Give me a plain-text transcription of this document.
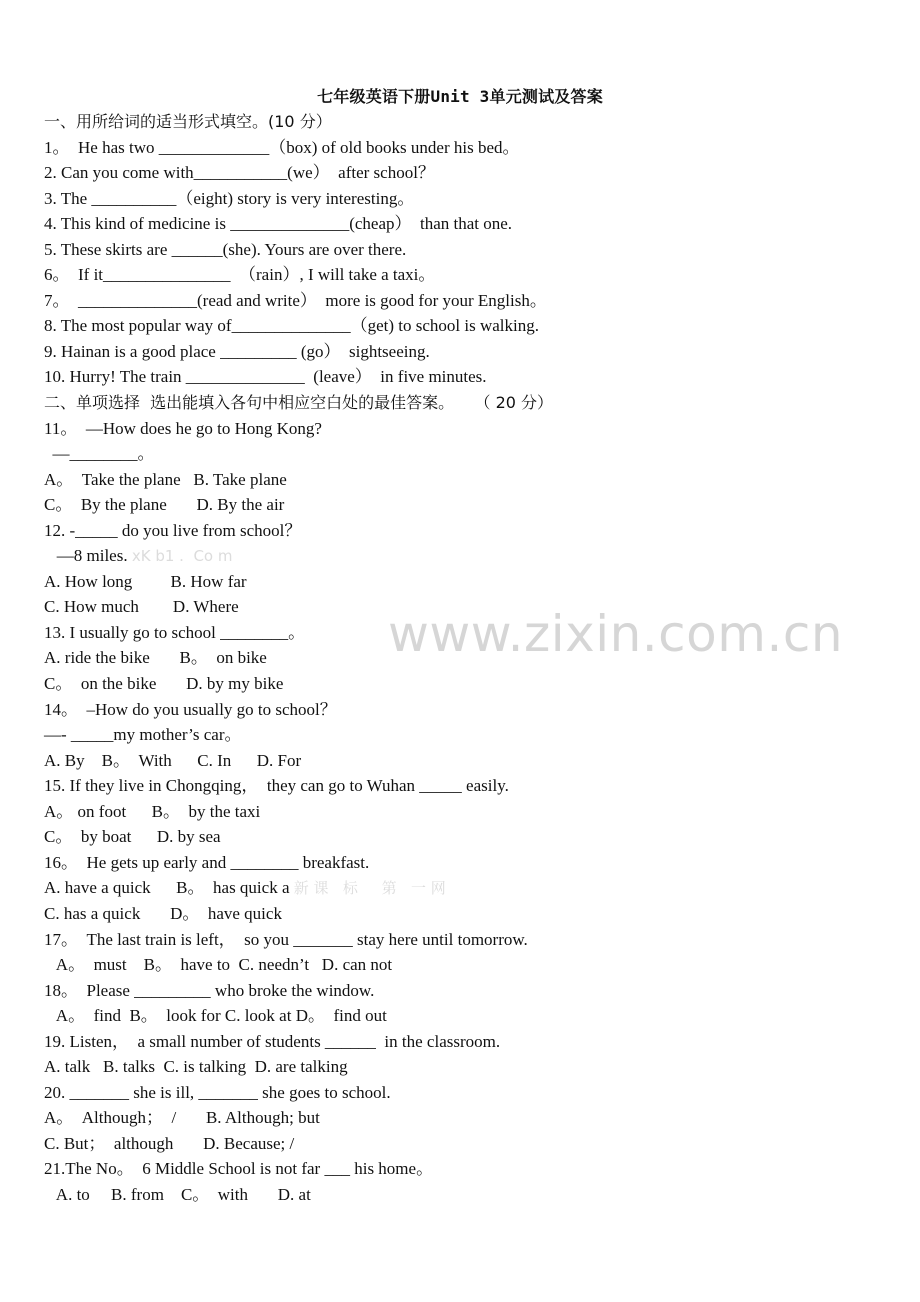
七年级英语下册Unit 3单元测试及答案
一、用所给词的适当形式填空。(10 分）
1。  He has two _____________（box) of old books under his bed。
2. Can you come with___________(we）  after school？
3. The __________（eight) story is very interesting。
4. This kind of medicine is ______________(cheap）  than that one.
5. These skirts are ______(she). Yours are over there.
6。  If it_______________  （rain）, I will take a taxi。
7。  ______________(read and write）  more is good for your English。
8. The most popular way of______________（get) to school is walking.
9. Hainan is a good place _________ (go）  sightseeing.
10. Hurry! The train ______________  (leave）  in five minutes.
二、单项选择  选出能填入各句中相应空白处的最佳答案。    （ 20 分）
11。  —How does he go to Hong Kong?
—________。
A。  Take the plane   B. Take plane
C。  By the plane       D. By the air
12. -_____ do you live from school？
—8 miles. xK b1 .  Co m
A. How long         B. How far
C. How much        D. Where
13. I usually go to school ________。
A. ride the bike       B。  on bike
C。  on the bike       D. by my bike
14。  –How do you usually go to school？
—- _____my mother’s car。
A. By    B。  With      C. In      D. For
15. If they live in Chongqing，  they can go to Wuhan _____ easily.
A。 on foot      B。  by the taxi
C。  by boat      D. by sea
16。  He gets up early and ________ breakfast.
A. have a quick      B。  has quick a 新 课   标     第   一 网
C. has a quick       D。  have quick
17。  The last train is left，  so you _______ stay here until tomorrow.
A。  must    B。  have to  C. needn’t   D. can not
18。  Please _________ who broke the window.
A。  find  B。  look for C. look at D。  find out
19. Listen，  a small number of students ______  in the classroom.
A. talk   B. talks  C. is talking  D. are talking
20. _______ she is ill, _______ she goes to school.
A。  Although；  /       B. Although; but
C. But；  although       D. Because; /
21.The No。  6 Middle School is not far ___ his home。
A. to     B. from    C。  with       D. at
www.zixin.com.cn
